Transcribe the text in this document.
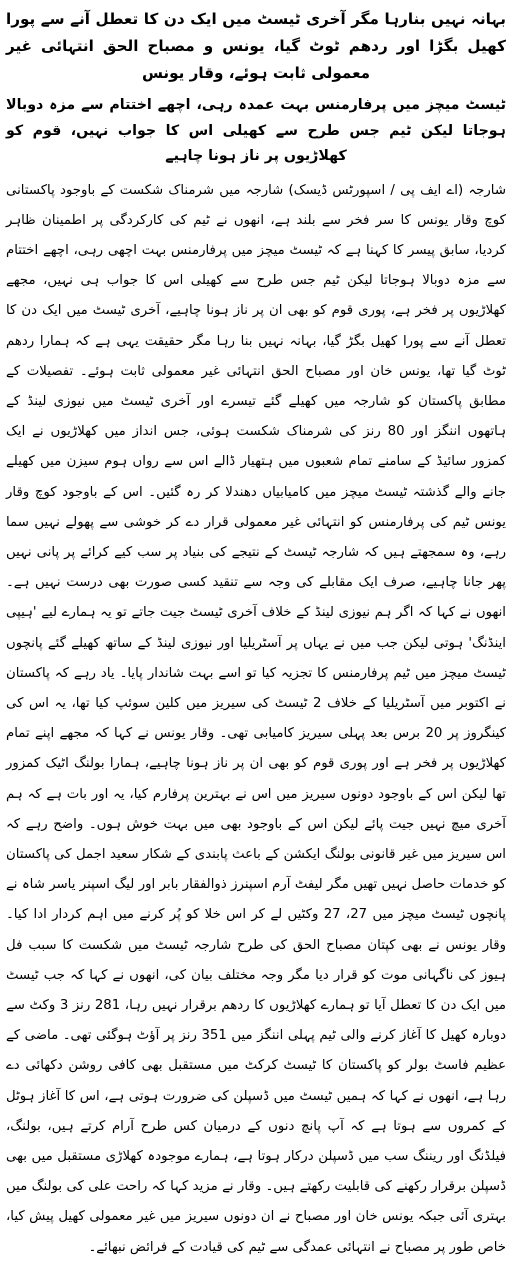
بہانہ نہیں بنارہا مگر آخری ٹیسٹ میں ایک دن کا تعطل آنے سے پورا کھیل بگڑا اور ردھم ٹوٹ گیا، یونس و مصباح الحق انتہائی غیر معمولی ثابت ہوئے، وقار یونس
ٹیسٹ میچز میں پرفارمنس بہت عمدہ رہی، اچھے اختتام سے مزہ دوبالا ہوجاتا لیکن ٹیم جس طرح سے کھیلی اس کا جواب نہیں، قوم کو کھلاڑیوں پر ناز ہونا چاہیے

شارجہ (اے ایف پی / اسپورٹس ڈیسک) شارجہ میں شرمناک شکست کے باوجود پاکستانی کوچ وقار یونس کا سر فخر سے بلند ہے، انھوں نے ٹیم کی کارکردگی پر اطمینان ظاہر کردیا، سابق پیسر کا کہنا ہے کہ ٹیسٹ میچز میں پرفارمنس بہت اچھی رہی، اچھے اختتام سے مزہ دوبالا ہوجاتا لیکن ٹیم جس طرح سے کھیلی اس کا جواب ہی نہیں، مجھے کھلاڑیوں پر فخر ہے، پوری قوم کو بھی ان پر ناز ہونا چاہیے، آخری ٹیسٹ میں ایک دن کا تعطل آنے سے پورا کھیل بگڑ گیا، بہانہ نہیں بنا رہا مگر حقیقت یہی ہے کہ ہمارا ردھم ٹوٹ گیا تھا، یونس خان اور مصباح الحق انتہائی غیر معمولی ثابت ہوئے۔ تفصیلات کے مطابق پاکستان کو شارجہ میں کھیلے گئے تیسرے اور آخری ٹیسٹ میں نیوزی لینڈ کے ہاتھوں اننگز اور 80 رنز کی شرمناک شکست ہوئی، جس انداز میں کھلاڑیوں نے ایک کمزور سائیڈ کے سامنے تمام شعبوں میں ہتھیار ڈالے اس سے رواں ہوم سیزن میں کھیلے جانے والے گذشتہ ٹیسٹ میچز میں کامیابیاں دھندلا کر رہ گئیں۔ اس کے باوجود کوچ وقار یونس ٹیم کی پرفارمنس کو انتہائی غیر معمولی قرار دے کر خوشی سے پھولے نہیں سما رہے، وہ سمجھتے ہیں کہ شارجہ ٹیسٹ کے نتیجے کی بنیاد پر سب کیے کرائے پر پانی نہیں پھر جانا چاہیے، صرف ایک مقابلے کی وجہ سے تنقید کسی صورت بھی درست نہیں ہے۔ انھوں نے کہا کہ اگر ہم نیوزی لینڈ کے خلاف آخری ٹیسٹ جیت جاتے تو یہ ہمارے لیے 'ہیپی اینڈنگ' ہوتی لیکن جب میں نے یہاں پر آسٹریلیا اور نیوزی لینڈ کے ساتھ کھیلے گئے پانچوں ٹیسٹ میچز میں ٹیم پرفارمنس کا تجزیہ کیا تو اسے بہت شاندار پایا۔ یاد رہے کہ پاکستان نے اکتوبر میں آسٹریلیا کے خلاف 2 ٹیسٹ کی سیریز میں کلین سوئپ کیا تھا، یہ اس کی کینگروز پر 20 برس بعد پہلی سیریز کامیابی تھی۔ وقار یونس نے کہا کہ مجھے اپنے تمام کھلاڑیوں پر فخر ہے اور پوری قوم کو بھی ان پر ناز ہونا چاہیے، ہمارا بولنگ اٹیک کمزور تھا لیکن اس کے باوجود دونوں سیریز میں اس نے بہترین پرفارم کیا، یہ اور بات ہے کہ ہم آخری میچ نہیں جیت پائے لیکن اس کے باوجود بھی میں بہت خوش ہوں۔ واضح رہے کہ اس سیریز میں غیر قانونی بولنگ ایکشن کے باعث پابندی کے شکار سعید اجمل کی پاکستان کو خدمات حاصل نہیں تھیں مگر لیفٹ آرم اسپنرز ذوالفقار بابر اور لیگ اسپنر یاسر شاہ نے پانچوں ٹیسٹ میچز میں 27، 27 وکٹیں لے کر اس خلا کو پُر کرنے میں اہم کردار ادا کیا۔ وقار یونس نے بھی کپتان مصباح الحق کی طرح شارجہ ٹیسٹ میں شکست کا سبب فل ہیوز کی ناگہانی موت کو قرار دیا مگر وجہ مختلف بیان کی، انھوں نے کہا کہ جب ٹیسٹ میں ایک دن کا تعطل آیا تو ہمارے کھلاڑیوں کا ردھم برقرار نہیں رہا، 281 رنز 3 وکٹ سے دوبارہ کھیل کا آغاز کرنے والی ٹیم پہلی اننگز میں 351 رنز پر آؤٹ ہوگئی تھی۔ ماضی کے عظیم فاسٹ بولر کو پاکستان کا ٹیسٹ کرکٹ میں مستقبل بھی کافی روشن دکھائی دے رہا ہے، انھوں نے کہا کہ ہمیں ٹیسٹ میں ڈسپلن کی ضرورت ہوتی ہے، اس کا آغاز ہوٹل کے کمروں سے ہوتا ہے کہ آپ پانچ دنوں کے درمیان کس طرح آرام کرتے ہیں، بولنگ، فیلڈنگ اور ریننگ سب میں ڈسپلن درکار ہوتا ہے، ہمارے موجودہ کھلاڑی مستقبل میں بھی ڈسپلن برقرار رکھنے کی قابلیت رکھتے ہیں۔ وقار نے مزید کہا کہ راحت علی کی بولنگ میں بہتری آئی جبکہ یونس خان اور مصباح نے ان دونوں سیریز میں غیر معمولی کھیل پیش کیا، خاص طور پر مصباح نے انتہائی عمدگی سے ٹیم کی قیادت کے فرائض نبھائے۔
